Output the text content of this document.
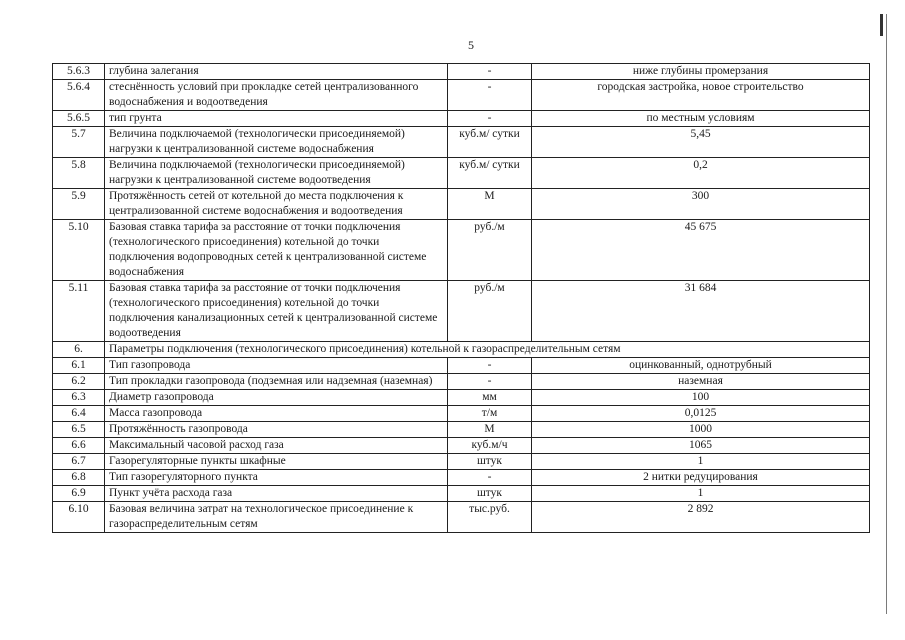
5
5.6.3	глубина залегания	-	ниже глубины промерзания
5.6.4	стеснённость условий при прокладке сетей централизованного водоснабжения и водоотведения	-	городская застройка, новое строительство
5.6.5	тип грунта	-	по местным условиям
5.7	Величина подключаемой (технологически присоединяемой) нагрузки к централизованной системе водоснабжения	куб.м/ сутки	5,45
5.8	Величина подключаемой (технологически присоединяемой) нагрузки к централизованной системе водоотведения	куб.м/ сутки	0,2
5.9	Протяжённость сетей от котельной до места подключения к централизованной системе водоснабжения и водоотведения	М	300
5.10	Базовая ставка тарифа за расстояние от точки подключения (технологического присоединения) котельной до точки подключения водопроводных сетей к централизованной системе водоснабжения	руб./м	45 675
5.11	Базовая ставка тарифа за расстояние от точки подключения (технологического присоединения) котельной до точки подключения канализационных сетей к централизованной системе водоотведения	руб./м	31 684
6.	Параметры подключения (технологического присоединения) котельной к газораспределительным сетям		
6.1	Тип газопровода	-	оцинкованный, однотрубный
6.2	Тип прокладки газопровода (подземная или надземная (наземная)	-	наземная
6.3	Диаметр газопровода	мм	100
6.4	Масса газопровода	т/м	0,0125
6.5	Протяжённость газопровода	М	1000
6.6	Максимальный часовой расход газа	куб.м/ч	1065
6.7	Газорегуляторные пункты шкафные	штук	1
6.8	Тип газорегуляторного пункта	-	2 нитки редуцирования
6.9	Пункт учёта расхода газа	штук	1
6.10	Базовая величина затрат на технологическое присоединение к газораспределительным сетям	тыс.руб.	2 892
